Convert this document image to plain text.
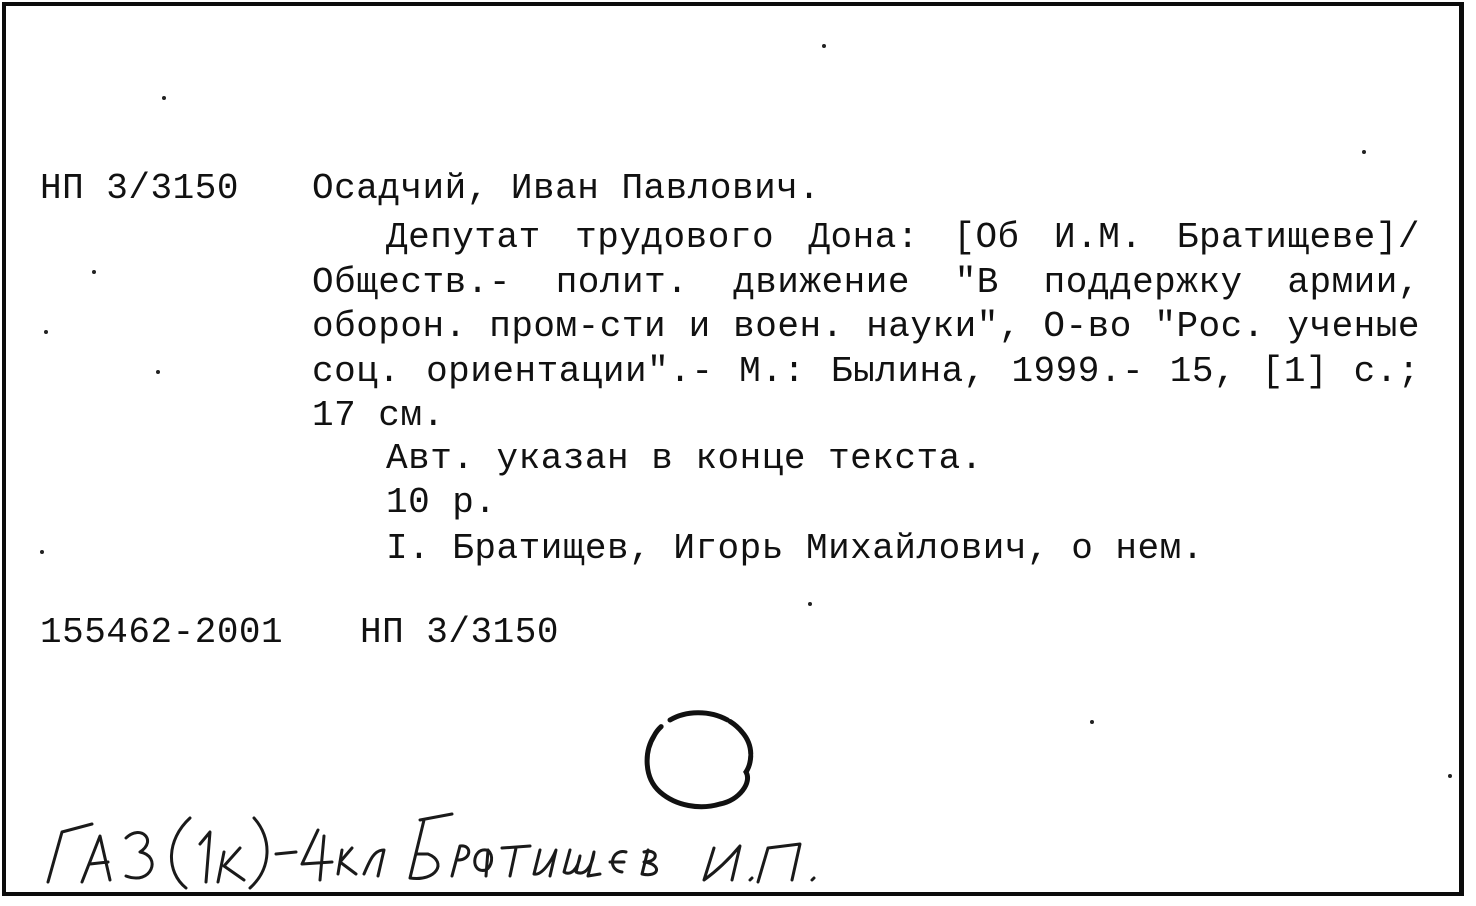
НП 3/3150 Осадчий, Иван Павлович.
Депутат трудового Дона: [Об И.М. Братищеве]/ Обществ.- полит. движение "В поддержку армии, оборон. пром-сти и воен. науки", О-во "Рос. ученые соц. ориентации".- М.: Былина, 1999.- 15, [1] с.; 17 см.
Авт. указан в конце текста.
10 р.
I. Братищев, Игорь Михайлович, о нем.
155462-2001 НП 3/3150
